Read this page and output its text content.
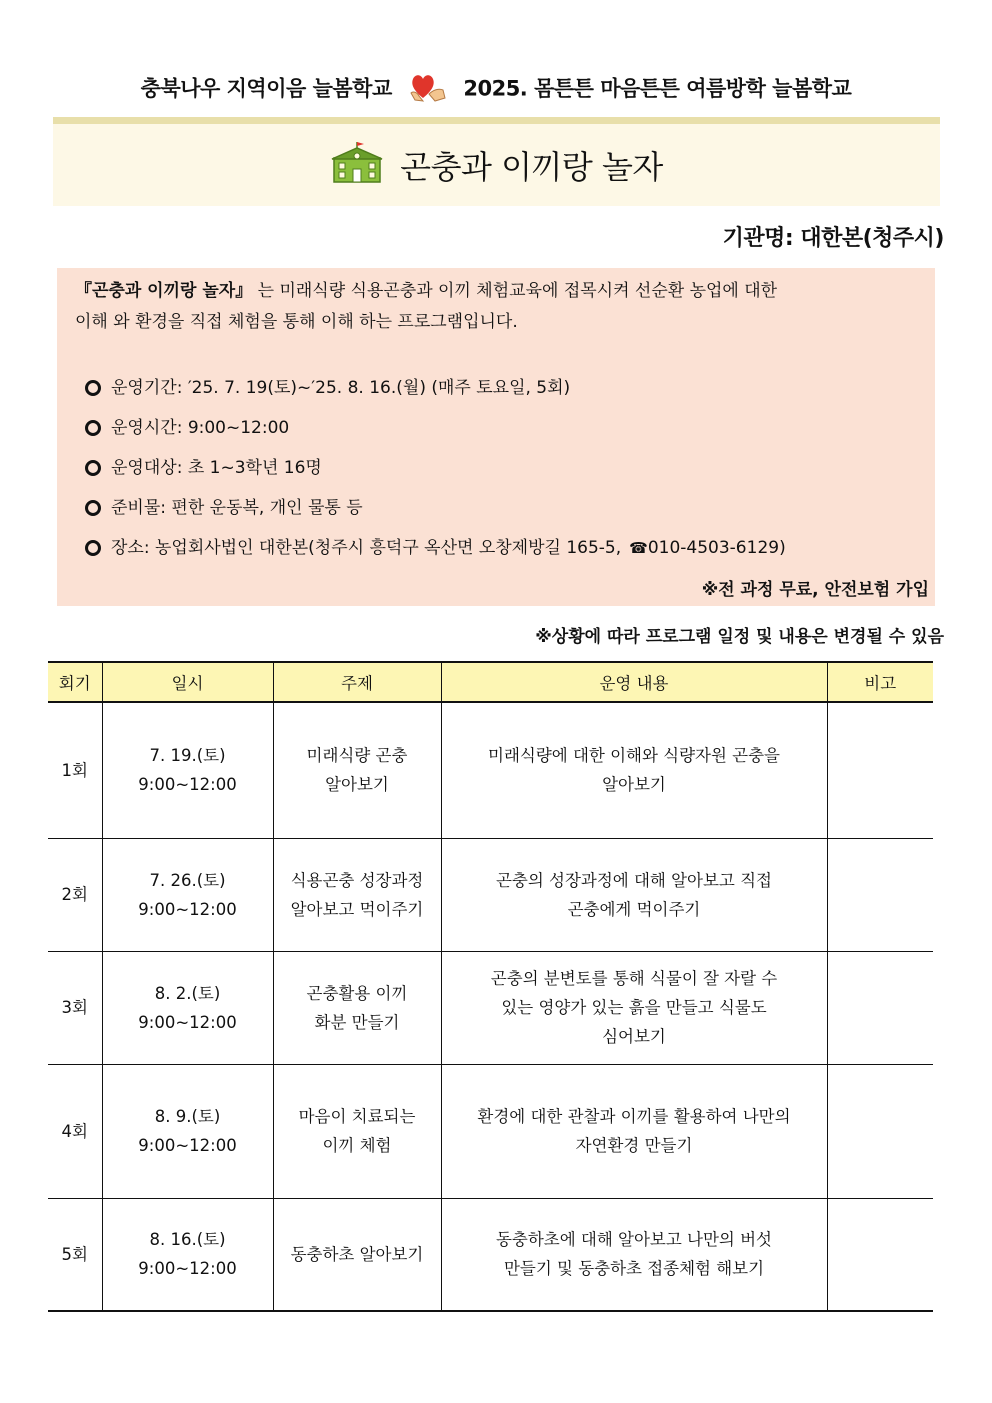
충북나우 지역이음 늘봄학교	2025. 몸튼튼 마음튼튼 여름방학 늘봄학교
곤충과 이끼랑 놀자
기관명: 대한본(청주시)

『곤충과 이끼랑 놀자』 는 미래식량 식용곤충과 이끼 체험교육에 접목시켜 선순환 농업에 대한
이해 와 환경을 직접 체험을 통해 이해 하는 프로그램입니다.

운영기간: ′25. 7. 19(토)~′25. 8. 16.(월) (매주 토요일, 5회)
운영시간: 9:00~12:00
운영대상: 초 1~3학년 16명
준비물: 편한 운동복, 개인 물통 등
장소: 농업회사법인 대한본(청주시 흥덕구 옥산면 오창제방길 165-5, ☎ 010-4503-6129)
※전 과정 무료, 안전보험 가입
※상황에 따라 프로그램 일정 및 내용은 변경될 수 있음
회기	일시	주제	운영 내용	비고
1회	7. 19.(토)
9:00~12:00	미래식량 곤충
알아보기	미래식량에 대한 이해와 식량자원 곤충을
알아보기	

2회	7. 26.(토)
9:00~12:00	식용곤충 성장과정
알아보고 먹이주기	곤충의 성장과정에 대해 알아보고 직접
곤충에게 먹이주기	

3회	8. 2.(토)
9:00~12:00	곤충활용 이끼
화분 만들기	곤충의 분변토를 통해 식물이 잘 자랄 수
있는 영양가 있는 흙을 만들고 식물도
심어보기	

4회	8. 9.(토)
9:00~12:00	마음이 치료되는
이끼 체험	환경에 대한 관찰과 이끼를 활용하여 나만의
자연환경 만들기	

5회	8. 16.(토)
9:00~12:00	동충하초 알아보기	동충하초에 대해 알아보고 나만의 버섯
만들기 및 동충하초 접종체험 해보기	
